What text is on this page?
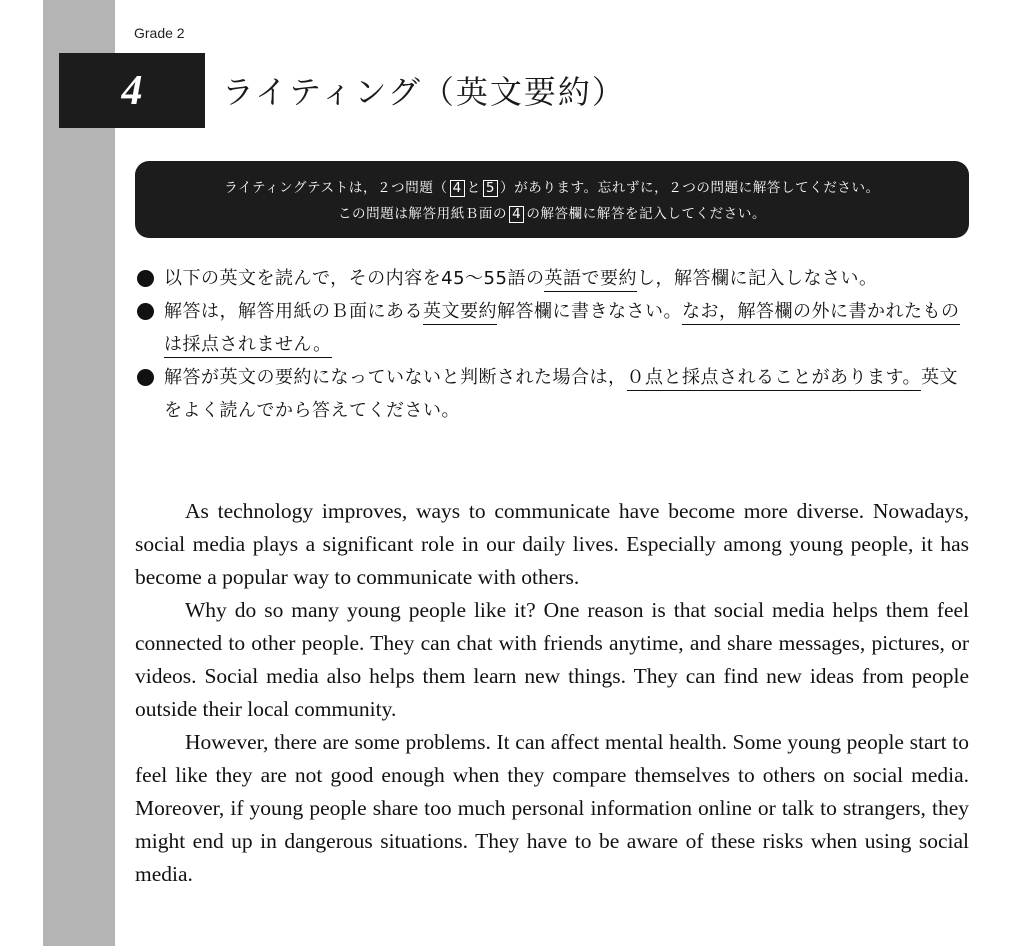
Grade 2
4 ライティング（英文要約）
ライティングテストは，２つ問題（ 4 と 5 ）があります。忘れずに，２つの問題に解答してください。
この問題は解答用紙Ｂ面の 4 の解答欄に解答を記入してください。
以下の英文を読んで，その内容を45〜55語の英語で要約し，解答欄に記入しなさい。
解答は，解答用紙のＢ面にある英文要約解答欄に書きなさい。なお，解答欄の外に書かれたものは採点されません。
解答が英文の要約になっていないと判断された場合は，０点と採点されることがあります。英文をよく読んでから答えてください。

As technology improves, ways to communicate have become more diverse. Nowadays, social media plays a significant role in our daily lives. Especially among young people, it has become a popular way to communicate with others.

Why do so many young people like it? One reason is that social media helps them feel connected to other people. They can chat with friends anytime, and share messages, pictures, or videos. Social media also helps them learn new things. They can find new ideas from people outside their local community.

However, there are some problems. It can affect mental health. Some young people start to feel like they are not good enough when they compare themselves to others on social media. Moreover, if young people share too much personal information online or talk to strangers, they might end up in dangerous situations. They have to be aware of these risks when using social media.
